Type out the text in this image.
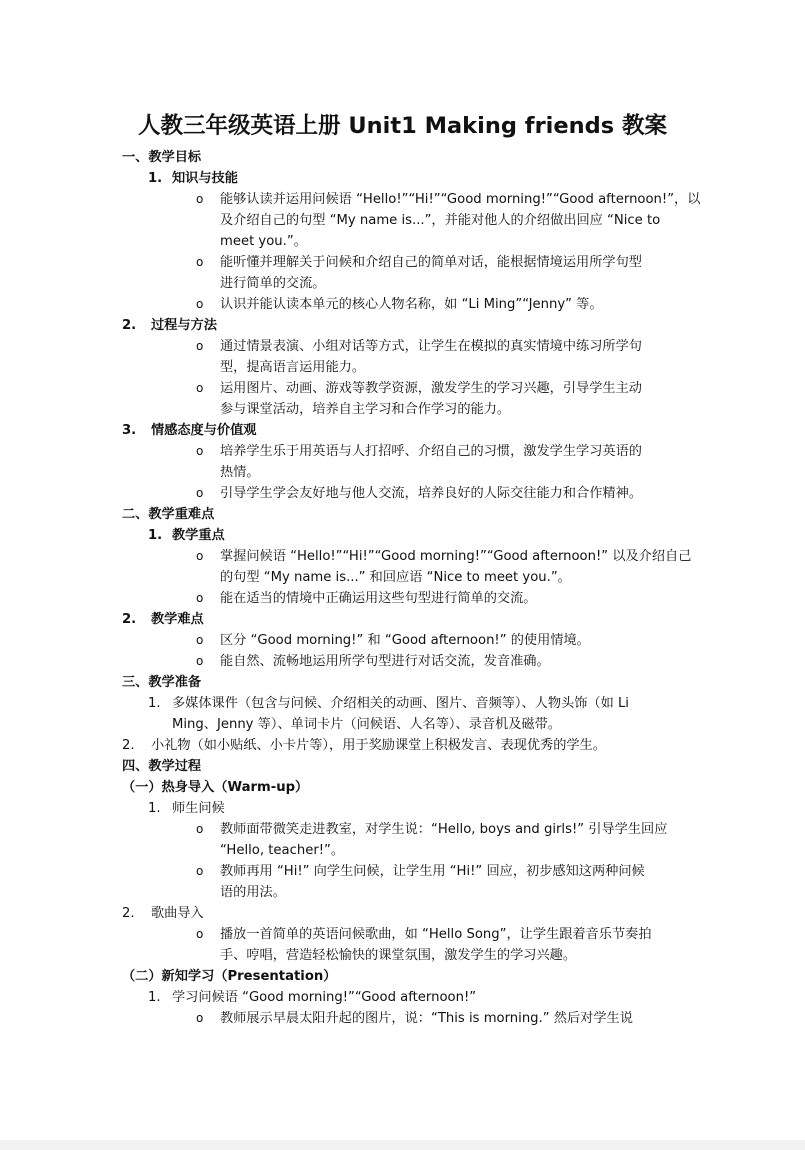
人教三年级英语上册 Unit1 Making friends 教案
一、教学目标
1. 知识与技能
o
能够认读并运用问候语 “Hello!”“Hi!”“Good morning!”“Good afternoon!”，以
及介绍自己的句型 “My name is...”，并能对他人的介绍做出回应 “Nice to
meet you.”。
o
能听懂并理解关于问候和介绍自己的简单对话，能根据情境运用所学句型
进行简单的交流。
o
认识并能认读本单元的核心人物名称，如 “Li Ming”“Jenny” 等。
2. 过程与方法
o
通过情景表演、小组对话等方式，让学生在模拟的真实情境中练习所学句
型，提高语言运用能力。
o
运用图片、动画、游戏等教学资源，激发学生的学习兴趣，引导学生主动
参与课堂活动，培养自主学习和合作学习的能力。
3. 情感态度与价值观
o
培养学生乐于用英语与人打招呼、介绍自己的习惯，激发学生学习英语的
热情。
o
引导学生学会友好地与他人交流，培养良好的人际交往能力和合作精神。
二、教学重难点
1. 教学重点
o
掌握问候语 “Hello!”“Hi!”“Good morning!”“Good afternoon!” 以及介绍自己
的句型 “My name is...” 和回应语 “Nice to meet you.”。
o
能在适当的情境中正确运用这些句型进行简单的交流。
2. 教学难点
o
区分 “Good morning!” 和 “Good afternoon!” 的使用情境。
o
能自然、流畅地运用所学句型进行对话交流，发音准确。
三、教学准备
1. 多媒体课件（包含与问候、介绍相关的动画、图片、音频等）、人物头饰（如 Li
Ming、Jenny 等）、单词卡片（问候语、人名等）、录音机及磁带。
2. 小礼物（如小贴纸、小卡片等），用于奖励课堂上积极发言、表现优秀的学生。
四、教学过程
（一）热身导入（Warm-up）
1. 师生问候
o
教师面带微笑走进教室，对学生说：“Hello, boys and girls!” 引导学生回应
“Hello, teacher!”。
o
教师再用 “Hi!” 向学生问候，让学生用 “Hi!” 回应，初步感知这两种问候
语的用法。
2. 歌曲导入
o
播放一首简单的英语问候歌曲，如 “Hello Song”，让学生跟着音乐节奏拍
手、哼唱，营造轻松愉快的课堂氛围，激发学生的学习兴趣。
（二）新知学习（Presentation）
1. 学习问候语 “Good morning!”“Good afternoon!”
o
教师展示早晨太阳升起的图片，说：“This is morning.” 然后对学生说
